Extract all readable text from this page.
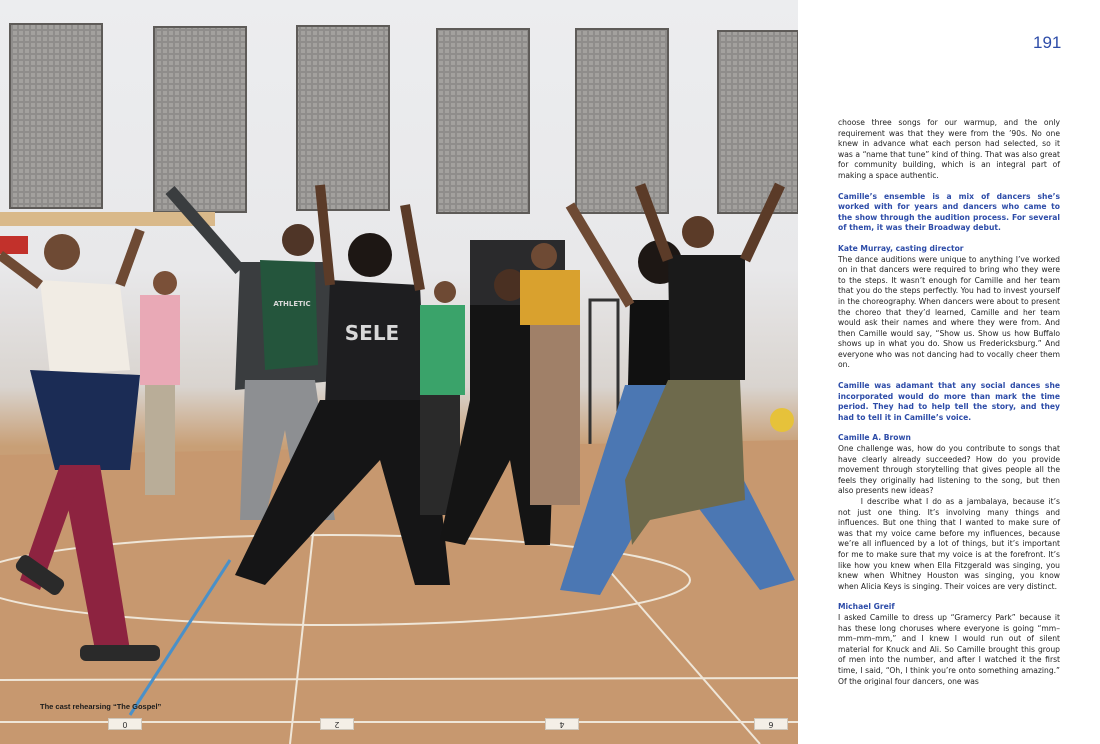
SELE
ATHLETIC
The cast rehearsing “The Gospel”
0	2	4	6
191

choose three songs for our warmup, and the only requirement was that they were from the ’90s. No one knew in advance what each person had selected, so it was a “name that tune” kind of thing. That was also great for community building, which is an integral part of making a space authentic.

Camille’s ensemble is a mix of dancers she’s worked with for years and dancers who came to the show through the audition process. For several of them, it was their Broadway debut.

Kate Murray, casting director

The dance auditions were unique to anything I’ve worked on in that dancers were required to bring who they were to the steps. It wasn’t enough for Camille and her team that you do the steps perfectly. You had to invest yourself in the choreography. When dancers were about to present the choreo that they’d learned, Camille and her team would ask their names and where they were from. And then Camille would say, “Show us. Show us how Buffalo shows up in what you do. Show us Fredericksburg.” And everyone who was not dancing had to vocally cheer them on.

Camille was adamant that any social dances she incorporated would do more than mark the time period. They had to help tell the story, and they had to tell it in Camille’s voice.

Camille A. Brown

One challenge was, how do you contribute to songs that have clearly already succeeded? How do you provide movement through storytelling that gives people all the feels they originally had listening to the song, but then also presents new ideas?

I describe what I do as a jambalaya, because it’s not just one thing. It’s involving many things and influences. But one thing that I wanted to make sure of was that my voice came before my influences, because we’re all influenced by a lot of things, but it’s important for me to make sure that my voice is at the forefront. It’s like how you knew when Ella Fitzgerald was singing, you knew when Whitney Houston was singing, you know when Alicia Keys is singing. Their voices are very distinct.

Michael Greif

I asked Camille to dress up “Gramercy Park” because it has these long choruses where everyone is going “mm–mm–mm–mm,” and I knew I would run out of silent material for Knuck and Ali. So Camille brought this group of men into the number, and after I watched it the first time, I said, “Oh, I think you’re onto something amazing.” Of the original four dancers, one was
